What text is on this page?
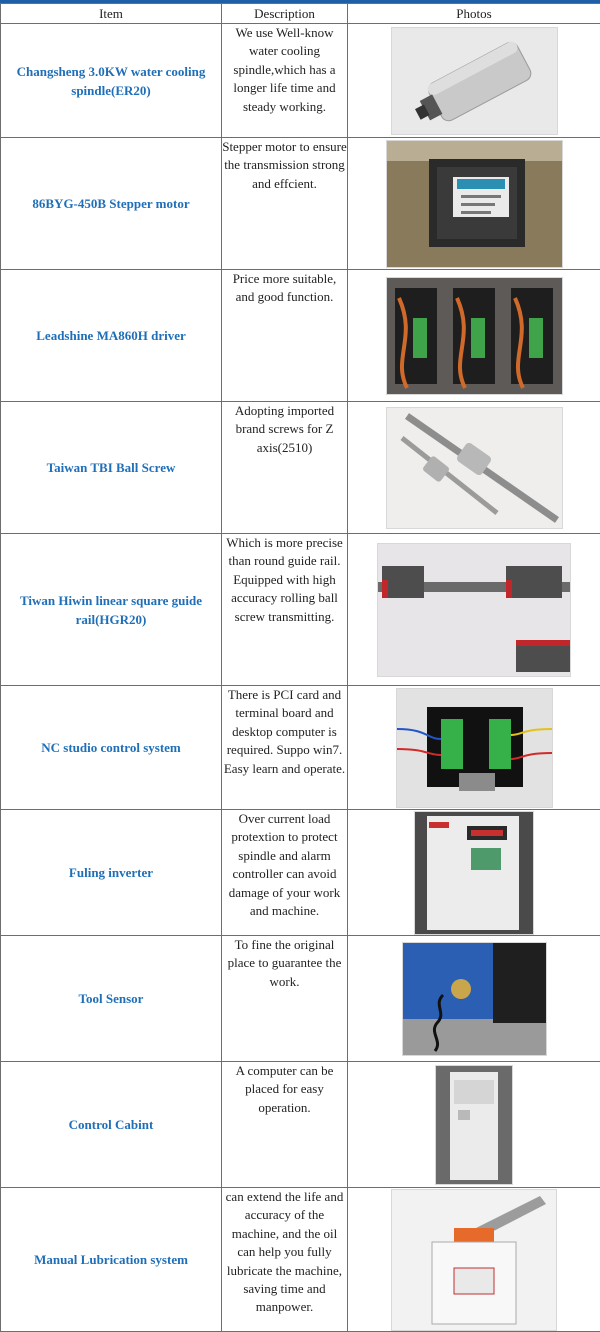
Item	Description	Photos
Changsheng 3.0KW water cooling spindle(ER20)	We use Well-know water cooling spindle,which has a longer life time and steady working.	

86BYG-450B Stepper motor	Stepper motor to ensure the transmission strong and effcient.	

Leadshine MA860H driver	Price more suitable, and good function.	

Taiwan TBI Ball Screw	Adopting imported brand screws for Z axis(2510)	

Tiwan Hiwin linear square guide rail(HGR20)	Which is more precise than round guide rail. Equipped with high accuracy rolling ball screw transmitting.	

NC studio control system	There is PCI card and terminal board and desktop computer is required. Suppo win7. Easy learn and operate.	

Fuling inverter	Over current load protextion to protect spindle and alarm controller can avoid damage of your work and machine.	

Tool Sensor	To fine the original place to guarantee the work.	

Control Cabint	A computer can be placed for easy operation.	

Manual Lubrication system	can extend the life and accuracy of the machine, and the oil can help you fully lubricate the machine, saving time and manpower.	
